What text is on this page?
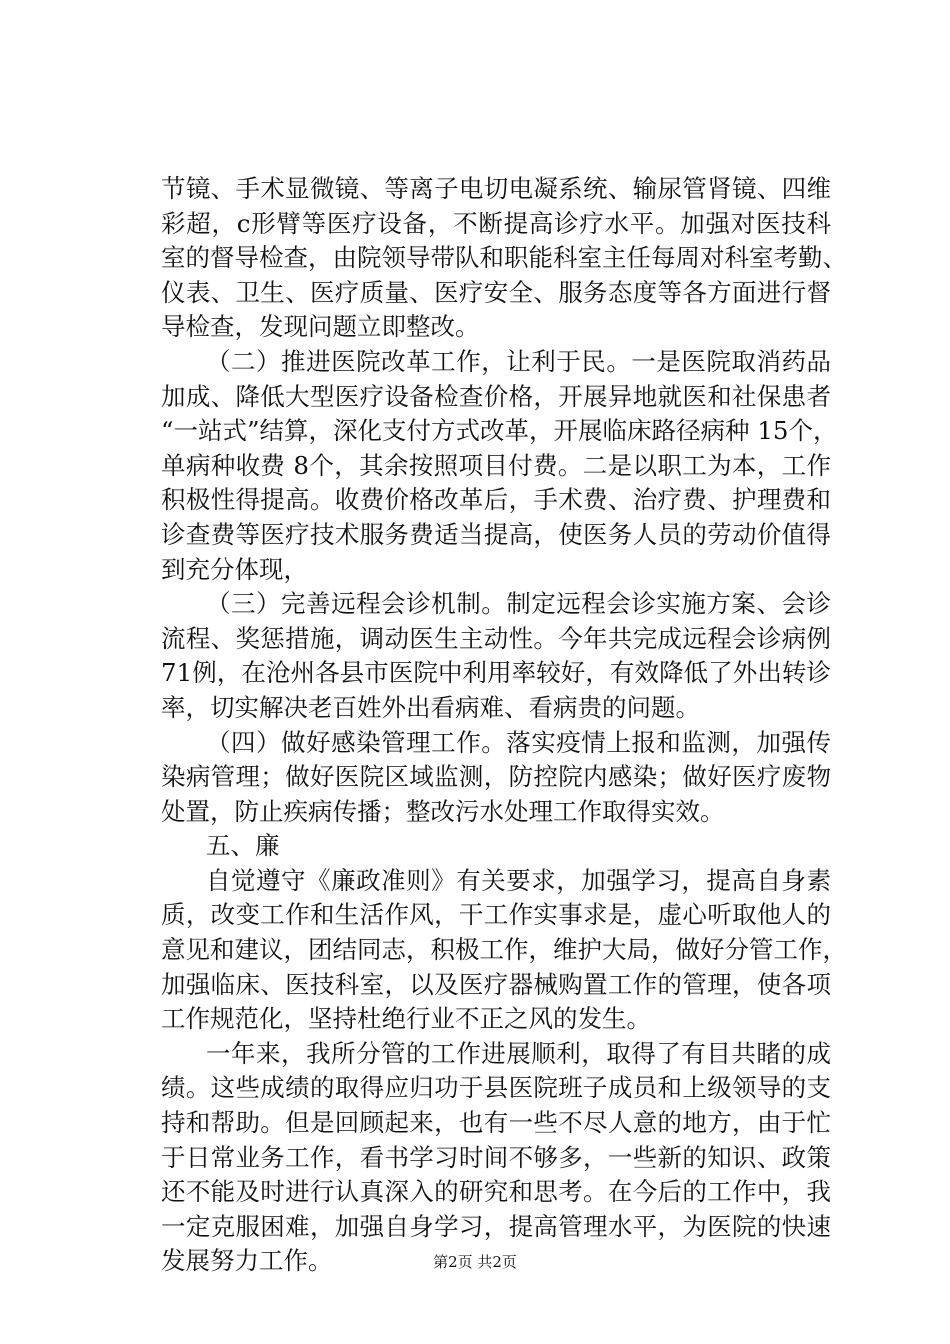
节镜、手术显微镜、等离子电切电凝系统、输尿管肾镜、四维
彩超，c形臂等医疗设备，不断提高诊疗水平。加强对医技科
室的督导检查，由院领导带队和职能科室主任每周对科室考勤、
仪表、卫生、医疗质量、医疗安全、服务态度等各方面进行督
导检查，发现问题立即整改。
（二）推进医院改革工作，让利于民。一是医院取消药品
加成、降低大型医疗设备检查价格，开展异地就医和社保患者
“一站式”结算，深化支付方式改革，开展临床路径病种 15个，
单病种收费 8个，其余按照项目付费。二是以职工为本，工作
积极性得提高。收费价格改革后，手术费、治疗费、护理费和
诊查费等医疗技术服务费适当提高，使医务人员的劳动价值得
到充分体现，
（三）完善远程会诊机制。制定远程会诊实施方案、会诊
流程、奖惩措施，调动医生主动性。今年共完成远程会诊病例
71例，在沧州各县市医院中利用率较好，有效降低了外出转诊
率，切实解决老百姓外出看病难、看病贵的问题。
（四）做好感染管理工作。落实疫情上报和监测，加强传
染病管理；做好医院区域监测，防控院内感染；做好医疗废物
处置，防止疾病传播；整改污水处理工作取得实效。
五、廉
自觉遵守《廉政准则》有关要求，加强学习，提高自身素
质，改变工作和生活作风，干工作实事求是，虚心听取他人的
意见和建议，团结同志，积极工作，维护大局，做好分管工作，
加强临床、医技科室，以及医疗器械购置工作的管理，使各项
工作规范化，坚持杜绝行业不正之风的发生。
一年来，我所分管的工作进展顺利，取得了有目共睹的成
绩。这些成绩的取得应归功于县医院班子成员和上级领导的支
持和帮助。但是回顾起来，也有一些不尽人意的地方，由于忙
于日常业务工作，看书学习时间不够多，一些新的知识、政策
还不能及时进行认真深入的研究和思考。在今后的工作中，我
一定克服困难，加强自身学习，提高管理水平，为医院的快速
发展努力工作。	第2页 共2页
